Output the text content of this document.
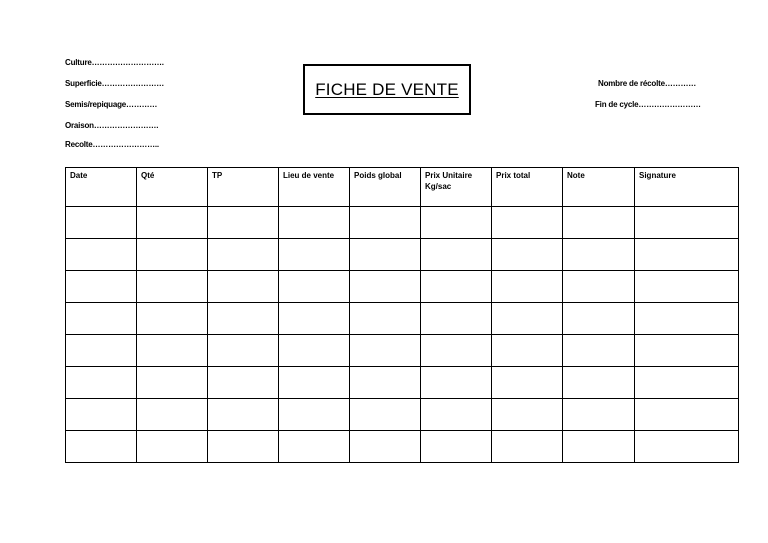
Culture……………………….
Superficie……………………
Semis/repiquage…………
Oraison…………………….
Recolte……………………..
FICHE DE VENTE	Nombre de récolte…………
Fin de cycle……………………
Date	Qté	TP	Lieu de vente	Poids global	Prix Unitaire Kg/sac	Prix total	Note	Signature
